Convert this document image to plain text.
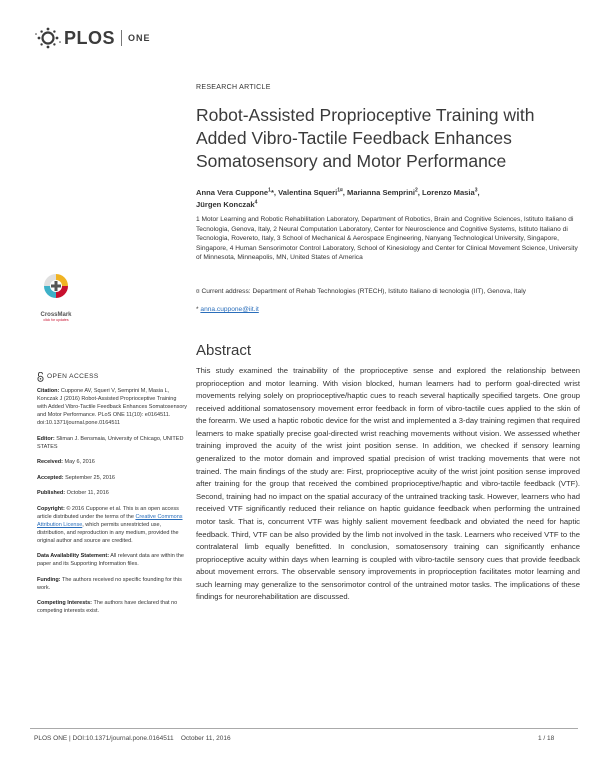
PLOS ONE
RESEARCH ARTICLE
Robot-Assisted Proprioceptive Training with
Added Vibro-Tactile Feedback Enhances
Somatosensory and Motor Performance
Anna Vera Cuppone$^1$*, Valentina Squeri$^{1¤}$, Marianna Semprini$^2$, Lorenzo Masia$^3$,
Jürgen Konczak$^4$
1 Motor Learning and Robotic Rehabilitation Laboratory, Department of Robotics, Brain and Cognitive Sciences, Istituto Italiano di Tecnologia, Genova, Italy, 2 Neural Computation Laboratory, Center for Neuroscience and Cognitive Systems, Istituto Italiano di Tecnologia, Rovereto, Italy, 3 School of Mechanical & Aerospace Engineering, Nanyang Technological University, Singapore, Singapore, 4 Human Sensorimotor Control Laboratory, School of Kinesiology and Center for Clinical Movement Science, University of Minnesota, Minneapolis, MN, United States of America
¤ Current address: Department of Rehab Technologies (RTECH), Istituto Italiano di tecnologia (IIT), Genova, Italy
* anna.cuppone@iit.it
Abstract
This study examined the trainability of the proprioceptive sense and explored the relationship between proprioception and motor learning. With vision blocked, human learners had to perform goal-directed wrist movements relying solely on proprioceptive/haptic cues to reach several haptically specified targets. One group received additional somatosensory movement error feedback in form of vibro-tactile cues applied to the skin of the forearm. We used a haptic robotic device for the wrist and implemented a 3-day training regimen that required learners to make spatially precise goal-directed wrist reaching movements without vision. We assessed whether training improved the acuity of the wrist joint position sense. In addition, we checked if sensory learning generalized to the motor domain and improved spatial precision of wrist tracking movements that were not trained. The main findings of the study are: First, proprioceptive acuity of the wrist joint position sense improved after training for the group that received the combined proprioceptive/haptic and vibro-tactile feedback (VTF). Second, training had no impact on the spatial accuracy of the untrained tracking task. However, learners who had received VTF significantly reduced their reliance on haptic guidance feedback when performing the untrained motor task. That is, concurrent VTF was highly salient movement feedback and obviated the need for haptic feedback. Third, VTF can be also provided by the limb not involved in the task. Learners who received VTF to the contralateral limb equally benefitted. In conclusion, somatosensory training can significantly enhance proprioceptive acuity within days when learning is coupled with vibro-tactile sensory cues that provide feedback about movement errors. The observable sensory improvements in proprioception facilitates motor learning and such learning may generalize to the sensorimotor control of the untrained motor tasks. The implications of these findings for neurorehabilitation are discussed.
CrossMark
click for updates
OPEN ACCESS
Citation: Cuppone AV, Squeri V, Semprini M, Masia L, Konczak J (2016) Robot-Assisted Proprioceptive Training with Added Vibro-Tactile Feedback Enhances Somatosensory and Motor Performance. PLoS ONE 11(10): e0164511. doi:10.1371/journal.pone.0164511
Editor: Sliman J. Bensmaia, University of Chicago, UNITED STATES
Received: May 6, 2016
Accepted: September 25, 2016
Published: October 11, 2016
Copyright: © 2016 Cuppone et al. This is an open access article distributed under the terms of the Creative Commons Attribution License, which permits unrestricted use, distribution, and reproduction in any medium, provided the original author and source are credited.
Data Availability Statement: All relevant data are within the paper and its Supporting Information files.
Funding: The authors received no specific founding for this work.
Competing Interests: The authors have declared that no competing interests exist.
PLOS ONE | DOI:10.1371/journal.pone.0164511    October 11, 2016	1 / 18
